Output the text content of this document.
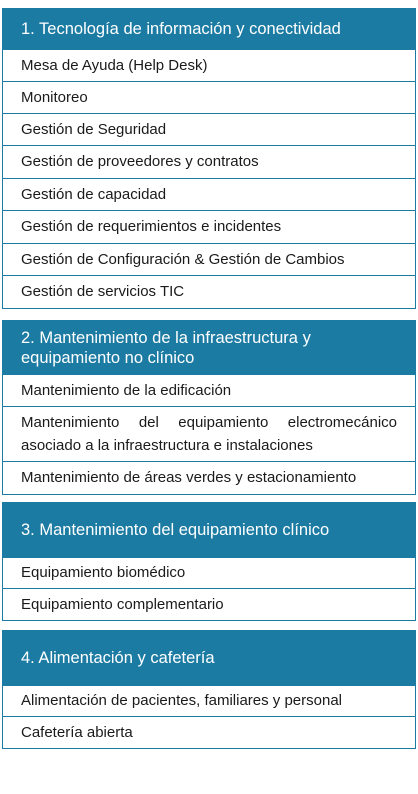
1. Tecnología de información y conectividad
Mesa de Ayuda (Help Desk)
Monitoreo
Gestión de Seguridad
Gestión de proveedores y contratos
Gestión de capacidad
Gestión de requerimientos e incidentes
Gestión de Configuración & Gestión de Cambios
Gestión de servicios TIC
2. Mantenimiento de la infraestructura y equipamiento no clínico
Mantenimiento de la edificación
Mantenimiento del equipamiento electromecánico asociado a la infraestructura e instalaciones
Mantenimiento de áreas verdes y estacionamiento
3. Mantenimiento del equipamiento clínico
Equipamiento biomédico
Equipamiento complementario
4. Alimentación y cafetería
Alimentación de pacientes, familiares y personal
Cafetería abierta
